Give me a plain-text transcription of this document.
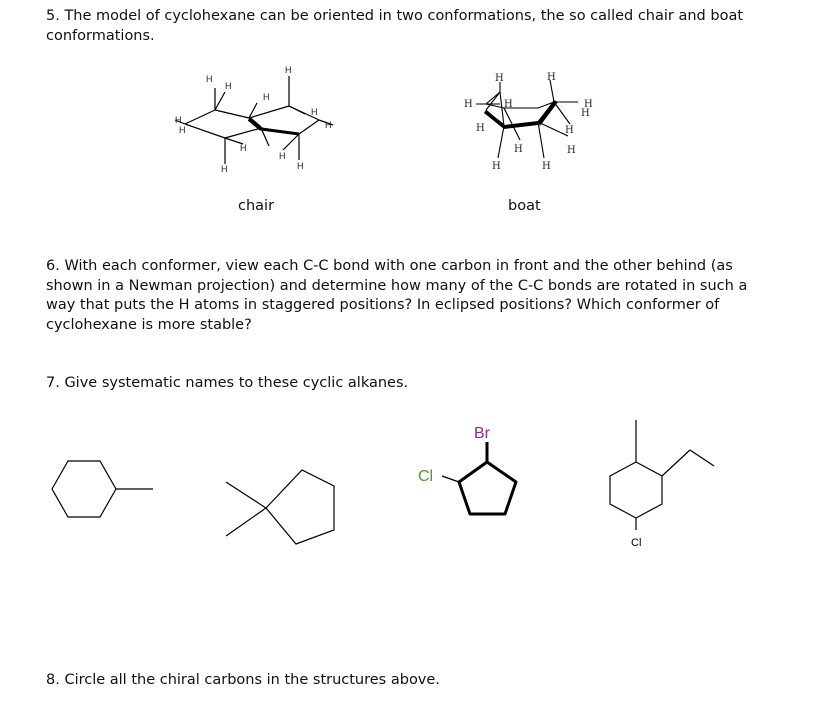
5. The model of cyclohexane can be oriented in two conformations, the so called chair and boat conformations.

H
H
H
H
H
H
H
H
H
H
H
H
chair
H	H
H	H
H
H
H
H
H
H
H	H
boat

6. With each conformer, view each C-C bond with one carbon in front and the other behind (as shown in a Newman projection) and determine how many of the C-C bonds are rotated in such a way that puts the H atoms in staggered positions? In eclipsed positions? Which conformer of cyclohexane is more stable?

7. Give systematic names to these cyclic alkanes.

Br
Cl
Cl

8. Circle all the chiral carbons in the structures above.
